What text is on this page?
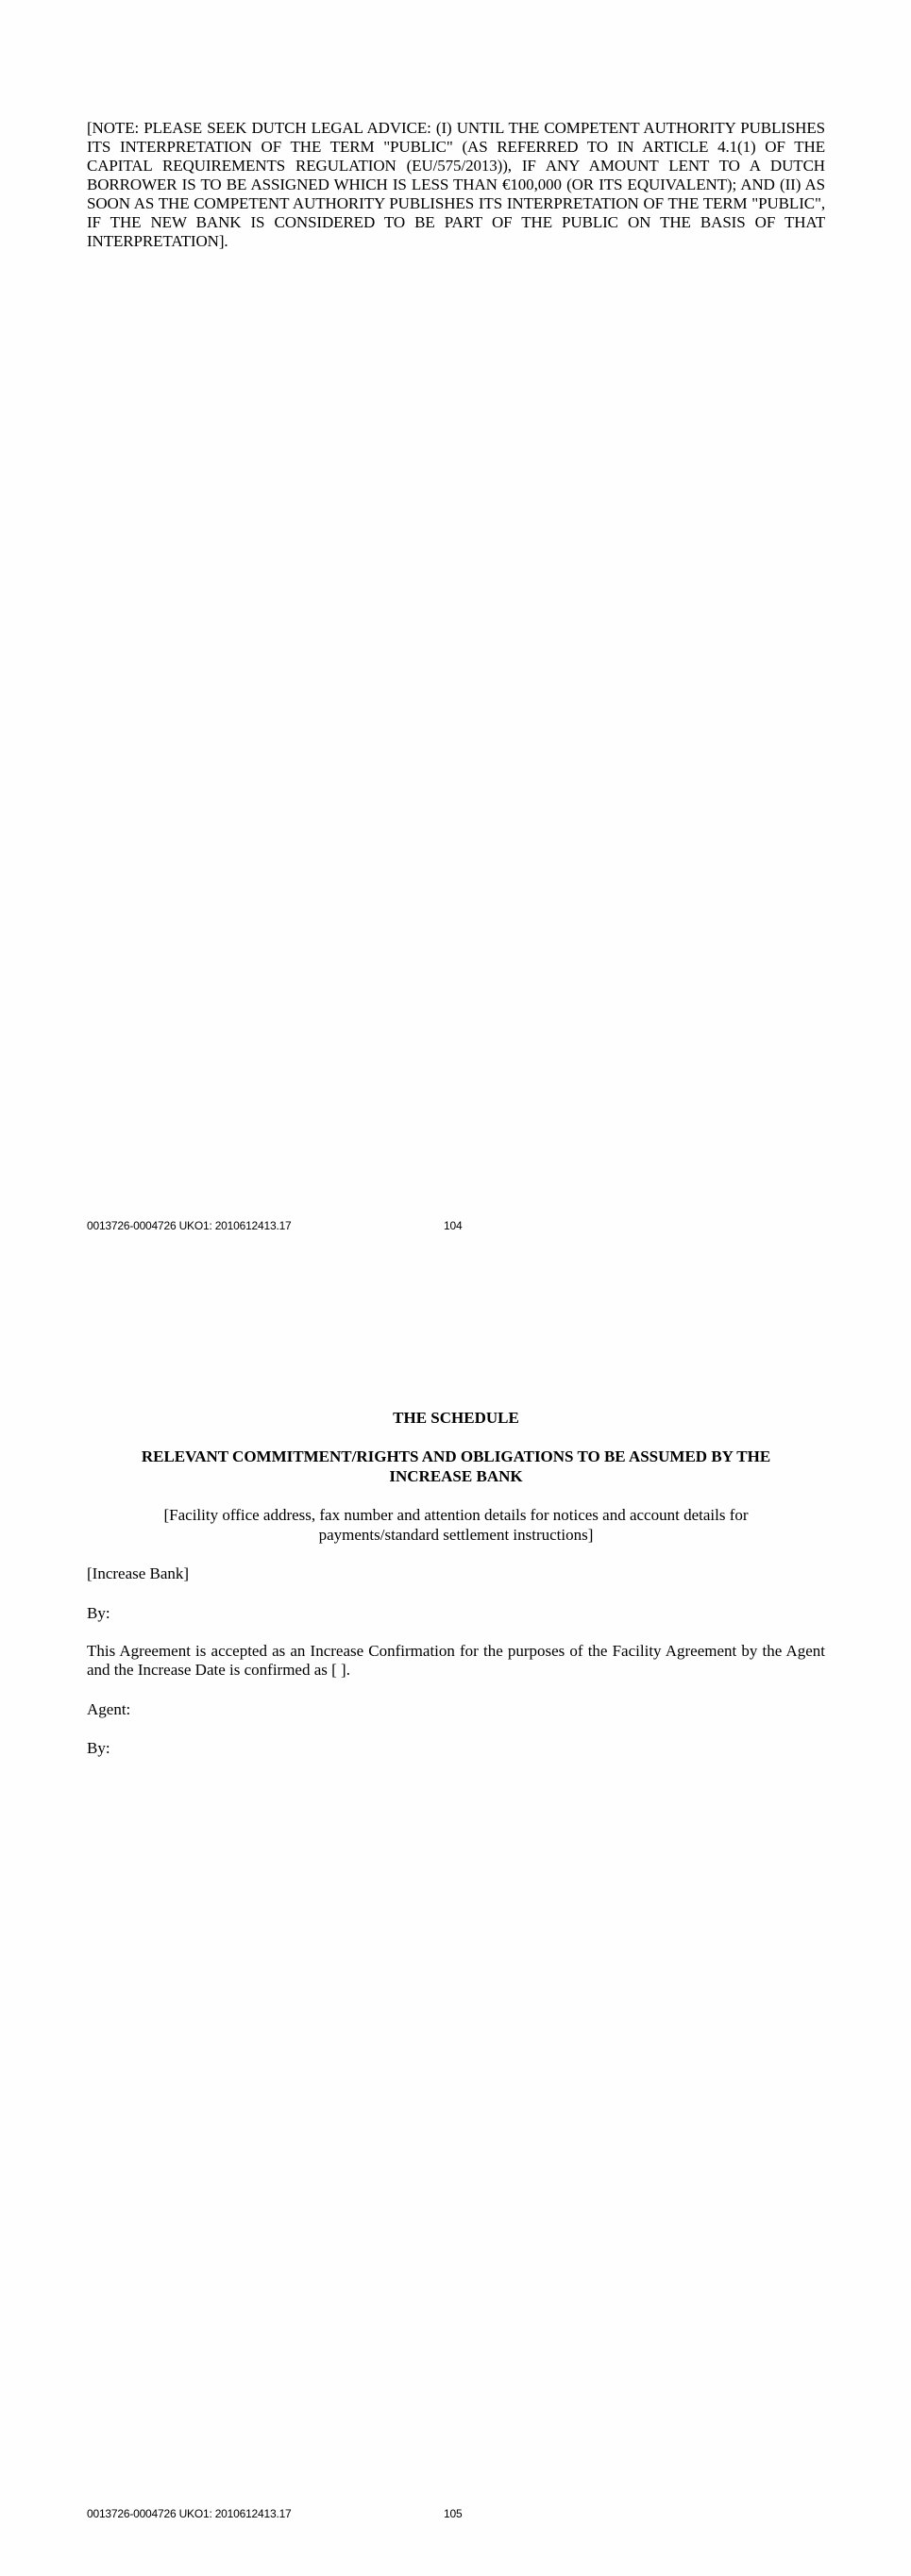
[NOTE: PLEASE SEEK DUTCH LEGAL ADVICE: (I) UNTIL THE COMPETENT AUTHORITY PUBLISHES ITS INTERPRETATION OF THE TERM "PUBLIC" (AS REFERRED TO IN ARTICLE 4.1(1) OF THE CAPITAL REQUIREMENTS REGULATION (EU/575/2013)), IF ANY AMOUNT LENT TO A DUTCH BORROWER IS TO BE ASSIGNED WHICH IS LESS THAN €100,000 (OR ITS EQUIVALENT); AND (II) AS SOON AS THE COMPETENT AUTHORITY PUBLISHES ITS INTERPRETATION OF THE TERM "PUBLIC", IF THE NEW BANK IS CONSIDERED TO BE PART OF THE PUBLIC ON THE BASIS OF THAT INTERPRETATION].

0013726-0004726 UKO1: 2010612413.17	104
THE SCHEDULE
RELEVANT COMMITMENT/RIGHTS AND OBLIGATIONS TO BE ASSUMED BY THE INCREASE BANK

[Facility office address, fax number and attention details for notices and account details for payments/standard settlement instructions]

[Increase Bank]

By:

This Agreement is accepted as an Increase Confirmation for the purposes of the Facility Agreement by the Agent and the Increase Date is confirmed as [ ].

Agent:

By:

0013726-0004726 UKO1: 2010612413.17	105
